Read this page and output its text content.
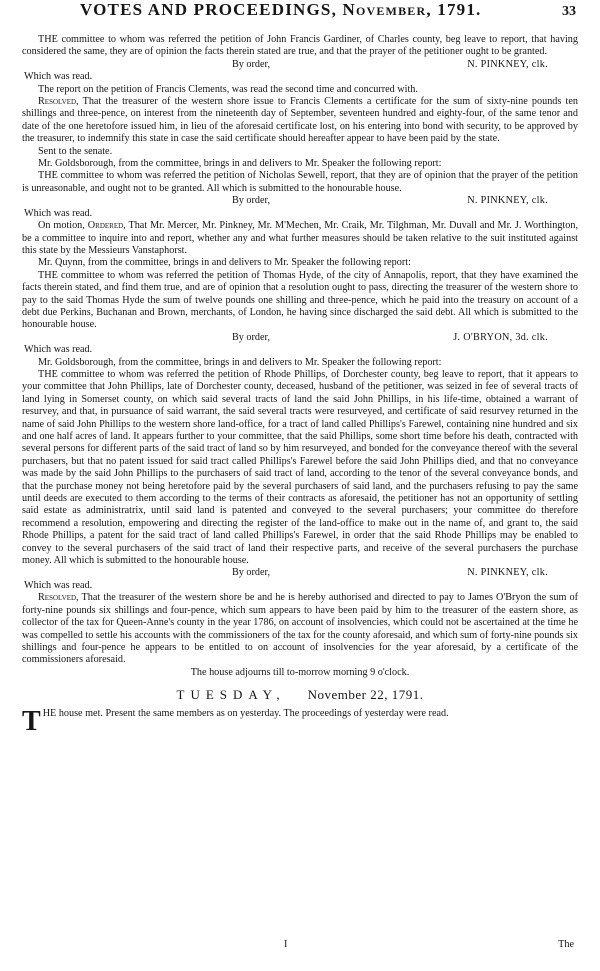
VOTES AND PROCEEDINGS, November, 1791.	33

THE committee to whom was referred the petition of John Francis Gardiner, of Charles county, beg leave to report, that having considered the same, they are of opinion the facts therein stated are true, and that the prayer of the petitioner ought to be granted.

By order,	N. PINKNEY, clk.

Which was read.

The report on the petition of Francis Clements, was read the second time and concurred with.

Resolved, That the treasurer of the western shore issue to Francis Clements a certificate for the sum of sixty-nine pounds ten shillings and three-pence, on interest from the nineteenth day of September, seventeen hundred and eighty-four, of the same tenor and date of the one heretofore issued him, in lieu of the aforesaid certificate lost, on his entering into bond with security, to be approved by the treasurer, to indemnify this state in case the said certificate should hereafter appear to have been paid by the state.

Sent to the senate.

Mr. Goldsborough, from the committee, brings in and delivers to Mr. Speaker the following report:

THE committee to whom was referred the petition of Nicholas Sewell, report, that they are of opinion that the prayer of the petition is unreasonable, and ought not to be granted. All which is submitted to the honourable house.

By order,	N. PINKNEY, clk.

Which was read.

On motion, Ordered, That Mr. Mercer, Mr. Pinkney, Mr. M'Mechen, Mr. Craik, Mr. Tilghman, Mr. Duvall and Mr. J. Worthington, be a committee to inquire into and report, whether any and what further measures should be taken relative to the suit instituted against this state by the Messieurs Vanstaphorst.

Mr. Quynn, from the committee, brings in and delivers to Mr. Speaker the following report:

THE committee to whom was referred the petition of Thomas Hyde, of the city of Annapolis, report, that they have examined the facts therein stated, and find them true, and are of opinion that a resolution ought to pass, directing the treasurer of the western shore to pay to the said Thomas Hyde the sum of twelve pounds one shilling and three-pence, which he paid into the treasury on account of a debt due Perkins, Buchanan and Brown, merchants, of London, he having since discharged the said debt. All which is submitted to the honourable house.

By order,	J. O'BRYON, 3d. clk.

Which was read.

Mr. Goldsborough, from the committee, brings in and delivers to Mr. Speaker the following report:

THE committee to whom was referred the petition of Rhode Phillips, of Dorchester county, beg leave to report, that it appears to your committee that John Phillips, late of Dorchester county, deceased, husband of the petitioner, was seized in fee of several tracts of land lying in Somerset county, on which said several tracts of land the said John Phillips, in his life-time, obtained a warrant of resurvey, and that, in pursuance of said warrant, the said several tracts were resurveyed, and certificate of said resurvey returned in the name of said John Phillips to the western shore land-office, for a tract of land called Phillips's Farewel, containing nine hundred and six and one half acres of land. It appears further to your committee, that the said Phillips, some short time before his death, contracted with several persons for different parts of the said tract of land so by him resurveyed, and bonded for the conveyance thereof with the several purchasers, but that no patent issued for said tract called Phillips's Farewel before the said John Phillips died, and that no conveyance was made by the said John Phillips to the purchasers of said tract of land, according to the tenor of the several conveyance bonds, and that the purchase money not being heretofore paid by the several purchasers of said land, and the purchasers refusing to pay the same until deeds are executed to them according to the terms of their contracts as aforesaid, the petitioner has not an opportunity of settling said estate as administratrix, until said land is patented and conveyed to the several purchasers; your committee do therefore recommend a resolution, empowering and directing the register of the land-office to make out in the name of, and grant to, the said Rhode Phillips, a patent for the said tract of land called Phillips's Farewel, in order that the said Rhode Phillips may be enabled to convey to the several purchasers of the said tract of land their respective parts, and receive of the several purchasers the purchase money. All which is submitted to the honourable house.

By order,	N. PINKNEY, clk.

Which was read.

Resolved, That the treasurer of the western shore be and he is hereby authorised and directed to pay to James O'Bryon the sum of forty-nine pounds six shillings and four-pence, which sum appears to have been paid by him to the treasurer of the eastern shore, as collector of the tax for Queen-Anne's county in the year 1786, on account of insolvencies, which could not be ascertained at the time he was compelled to settle his accounts with the commissioners of the tax for the county aforesaid, and which sum of forty-nine pounds six shillings and four-pence he appears to be entitled to on account of insolvencies for the year aforesaid, by a certificate of the commissioners aforesaid.

The house adjourns till to-morrow morning 9 o'clock.

TUESDAY, November 22, 1791.

THE house met. Present the same members as on yesterday. The proceedings of yesterday were read.

I	The
